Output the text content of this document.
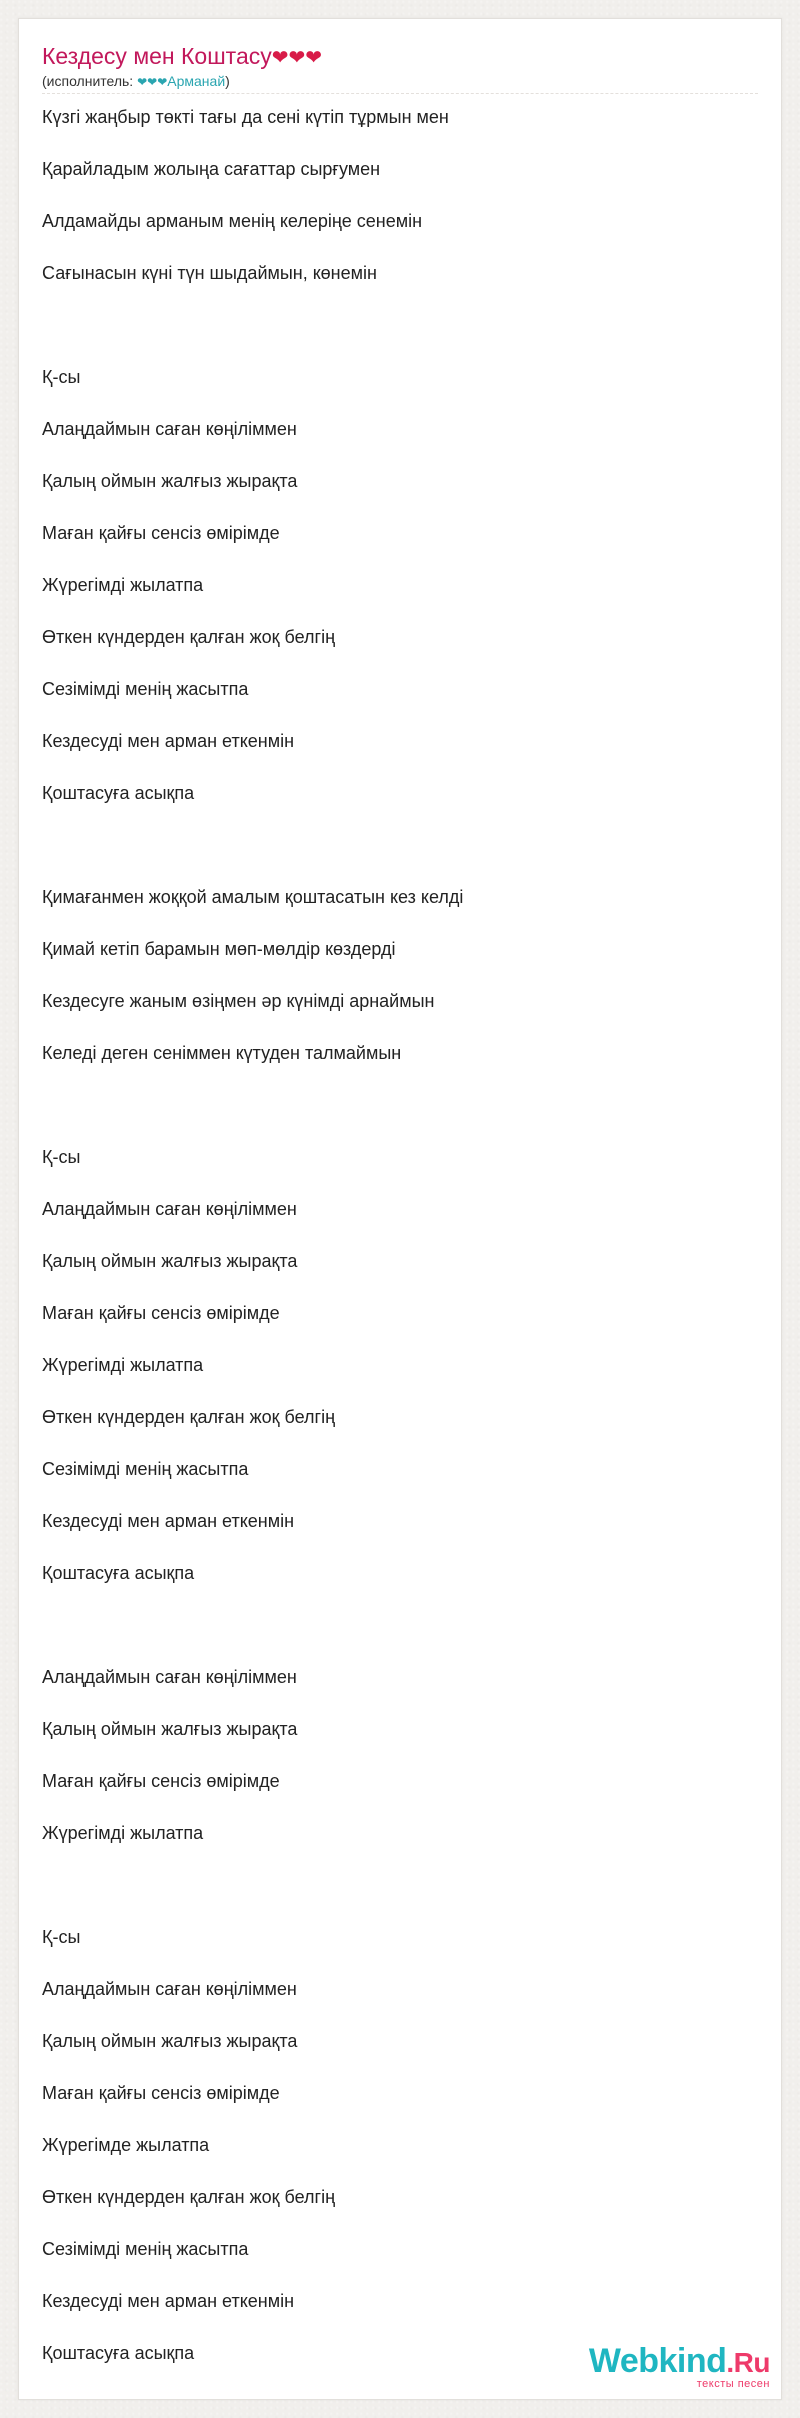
Кездесу мен Коштасу❤❤❤
(исполнитель: ❤❤❤Арманай)
Күзгі жаңбыр төкті тағы да сені күтіп тұрмын мен
Қарайладым жолыңа сағаттар сырғумен
Алдамайды арманым менің келеріңе сенемін
Сағынасын күні түн шыдаймын, көнемін
Қ-сы
Алаңдаймын саған көңіліммен
Қалың оймын жалғыз жырақта
Маған қайғы сенсіз өмірімде
Жүрегімді жылатпа
Өткен күндерден қалған жоқ белгің
Сезімімді менің жасытпа
Кездесуді мен арман еткенмін
Қоштасуға асықпа
Қимағанмен жоққой амалым қоштасатын кез келді
Қимай кетіп барамын мөп-мөлдір көздерді
Кездесуге жаным өзіңмен әр күнімді арнаймын
Келеді деген сеніммен күтуден талмаймын
Қ-сы
Алаңдаймын саған көңіліммен
Қалың оймын жалғыз жырақта
Маған қайғы сенсіз өмірімде
Жүрегімді жылатпа
Өткен күндерден қалған жоқ белгің
Сезімімді менің жасытпа
Кездесуді мен арман еткенмін
Қоштасуға асықпа
Алаңдаймын саған көңіліммен
Қалың оймын жалғыз жырақта
Маған қайғы сенсіз өмірімде
Жүрегімді жылатпа
Қ-сы
Алаңдаймын саған көңіліммен
Қалың оймын жалғыз жырақта
Маған қайғы сенсіз өмірімде
Жүрегімде жылатпа
Өткен күндерден қалған жоқ белгің
Сезімімді менің жасытпа
Кездесуді мен арман еткенмін
Қоштасуға асықпа	Webkind.Ru
тексты песен
